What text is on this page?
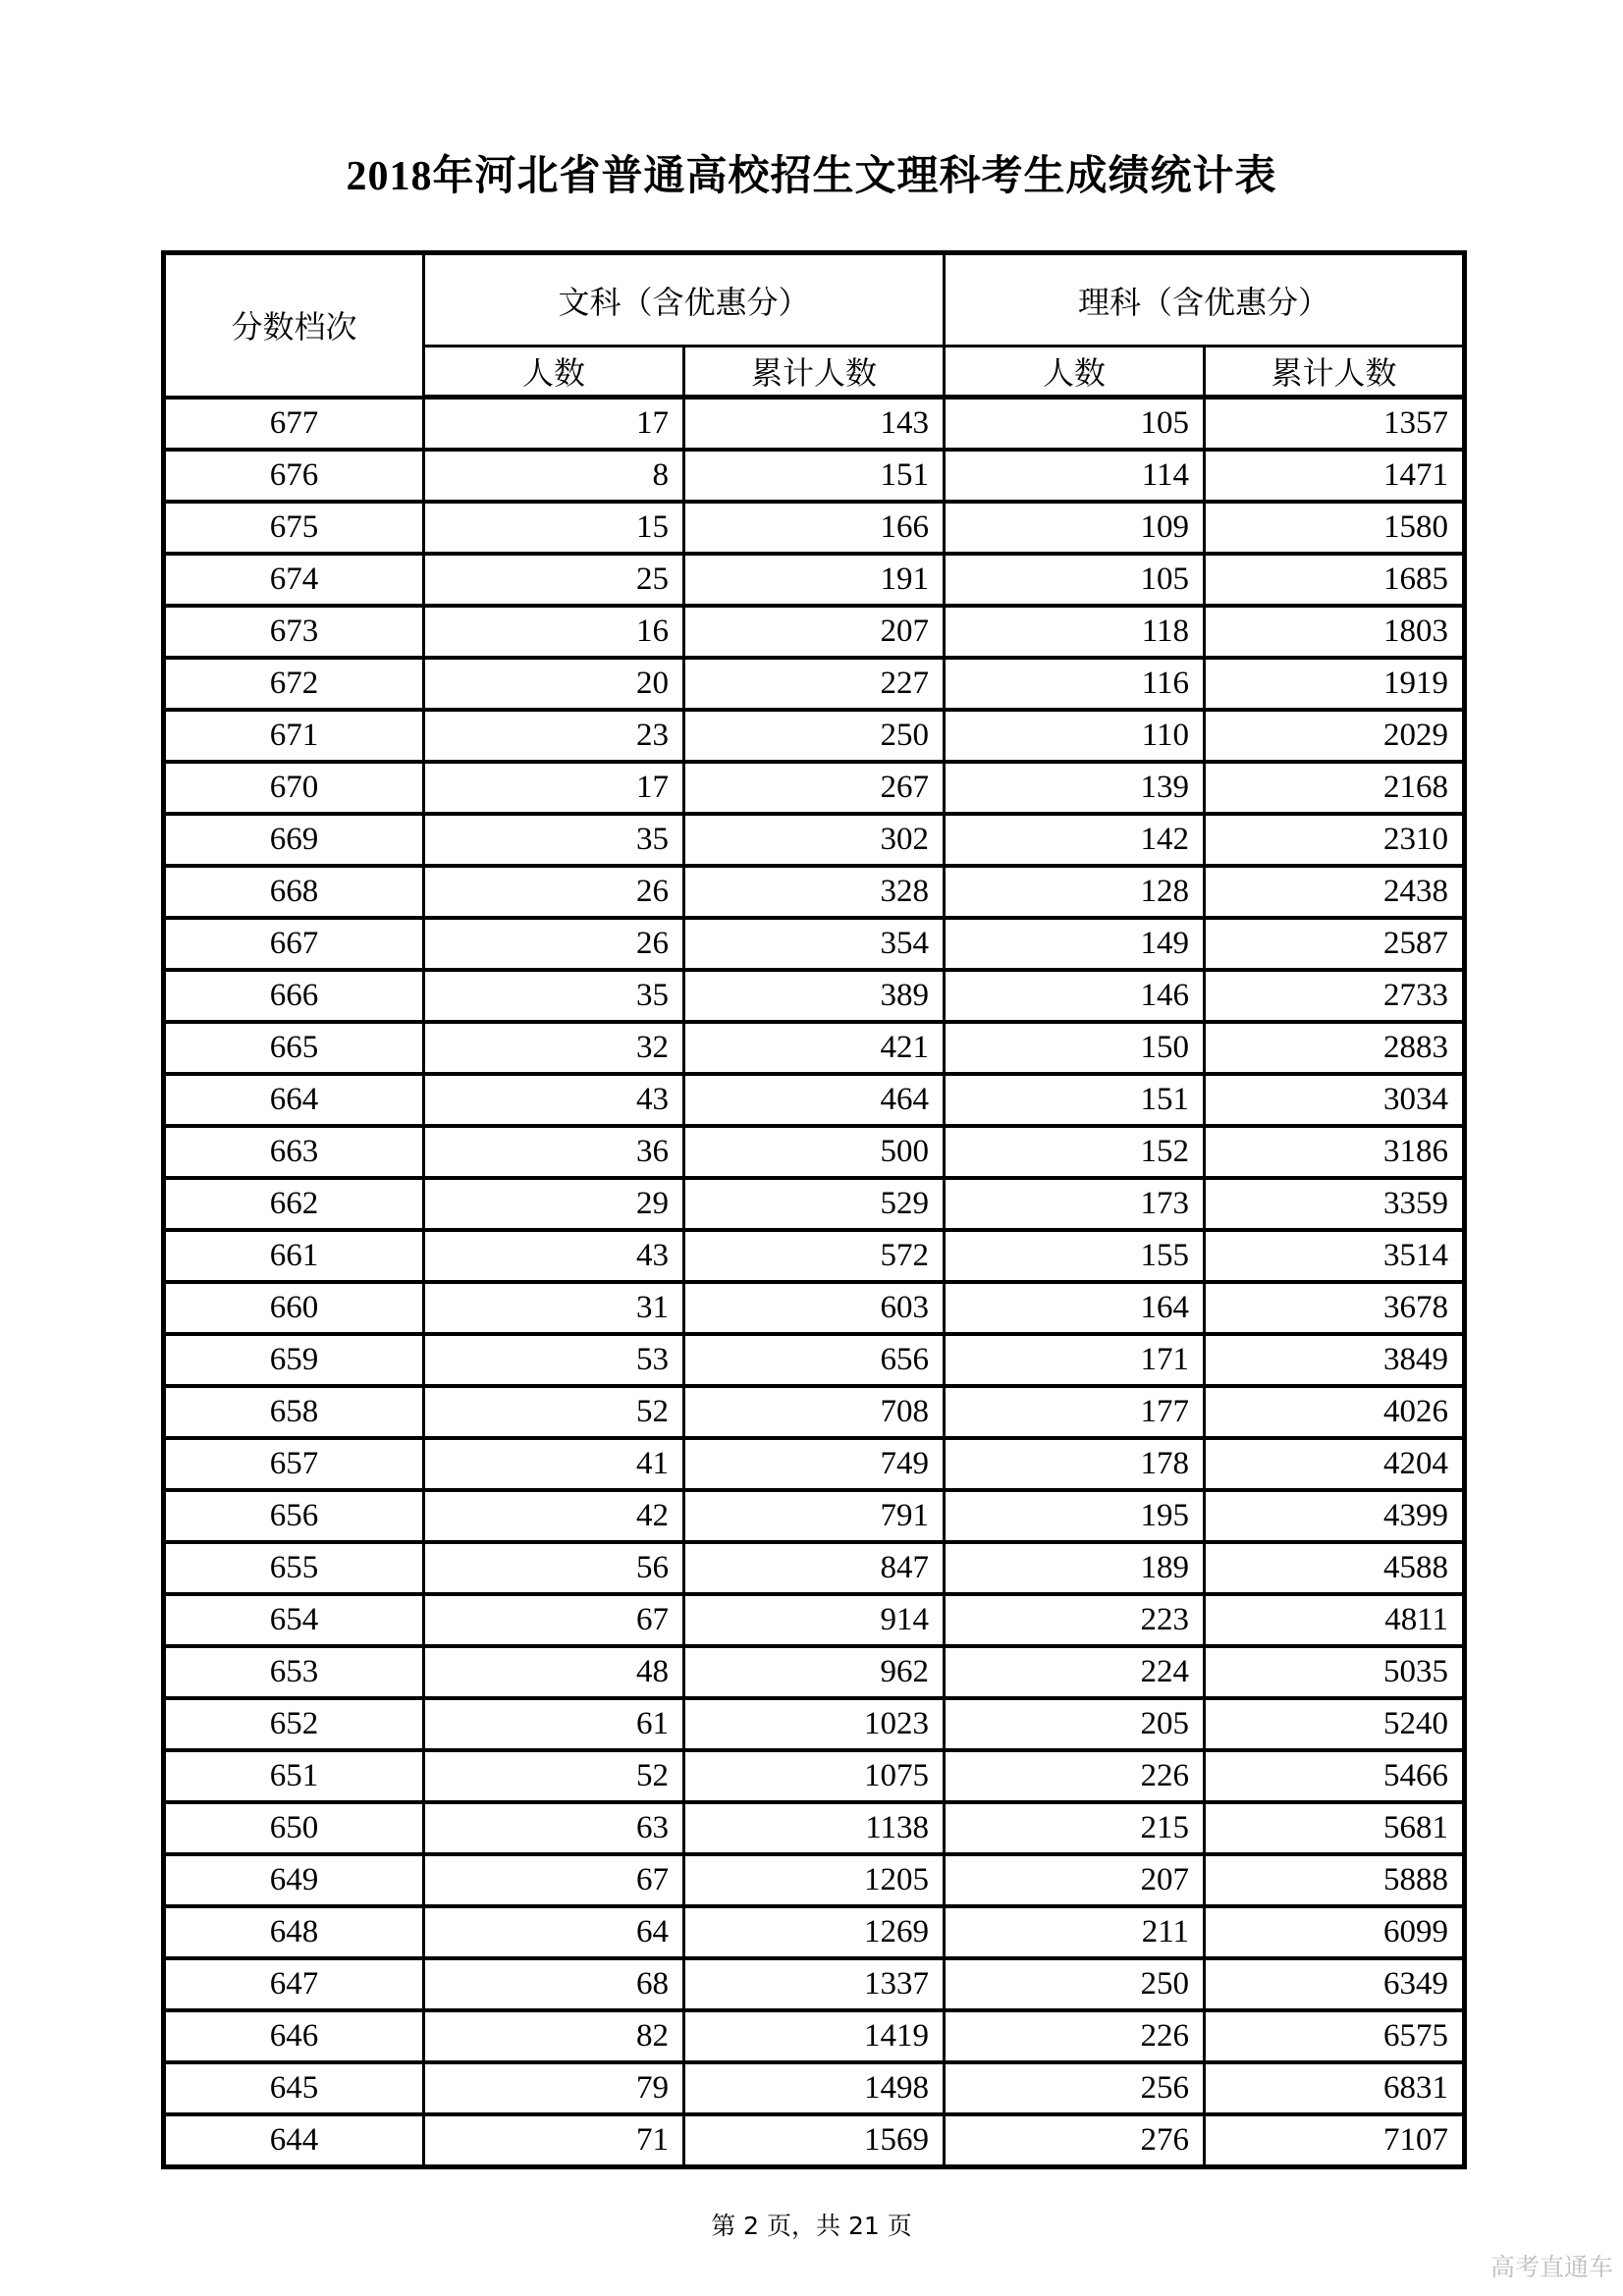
2018年河北省普通高校招生文理科考生成绩统计表
分数档次	文科（含优惠分）		理科（含优惠分）	
	人数	累计人数	人数	累计人数
677	17	143	105	1357
676	8	151	114	1471
675	15	166	109	1580
674	25	191	105	1685
673	16	207	118	1803
672	20	227	116	1919
671	23	250	110	2029
670	17	267	139	2168
669	35	302	142	2310
668	26	328	128	2438
667	26	354	149	2587
666	35	389	146	2733
665	32	421	150	2883
664	43	464	151	3034
663	36	500	152	3186
662	29	529	173	3359
661	43	572	155	3514
660	31	603	164	3678
659	53	656	171	3849
658	52	708	177	4026
657	41	749	178	4204
656	42	791	195	4399
655	56	847	189	4588
654	67	914	223	4811
653	48	962	224	5035
652	61	1023	205	5240
651	52	1075	226	5466
650	63	1138	215	5681
649	67	1205	207	5888
648	64	1269	211	6099
647	68	1337	250	6349
646	82	1419	226	6575
645	79	1498	256	6831
644	71	1569	276	7107
第 2 页，共 21 页
高考直通车
